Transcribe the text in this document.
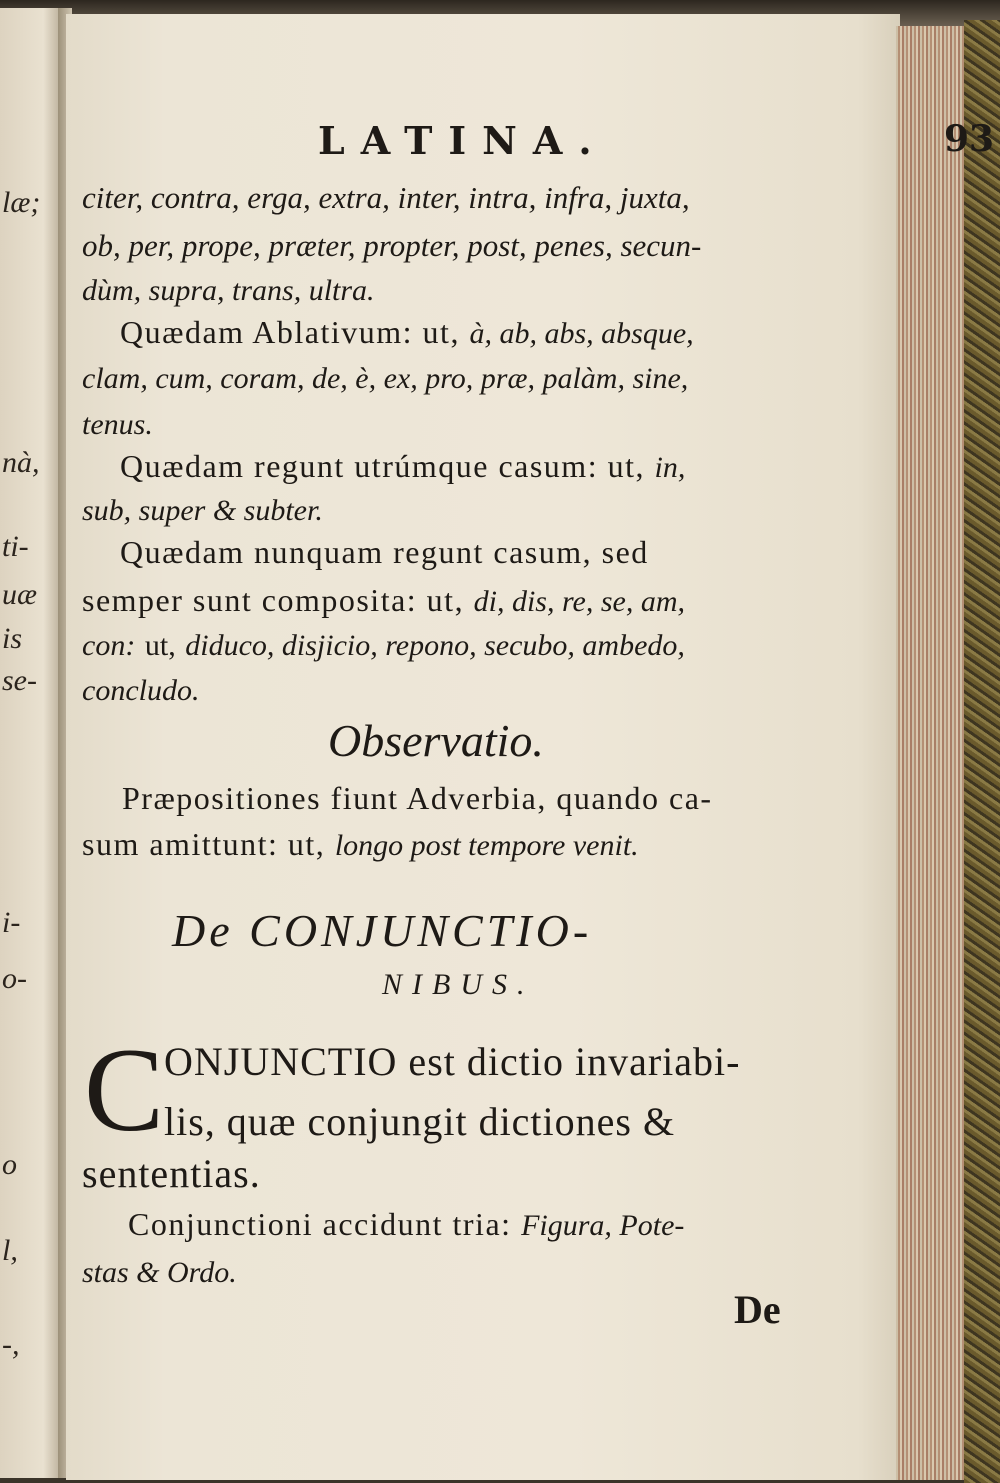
læ;
nà,
ti-
uæ
is
se-
i-
o-
o
l,
-,
LATINA.	93
citer, contra, erga, extra, inter, intra, infra, juxta,
ob, per, prope, præter, propter, post, penes, secun-
dùm, supra, trans, ultra.
Quædam Ablativum: ut, à, ab, abs, absque,
clam, cum, coram, de, è, ex, pro, præ, palàm, sine,
tenus.
Quædam regunt utrúmque casum: ut, in,
sub, super & subter.
Quædam nunquam regunt casum, sed
semper sunt composita: ut, di, dis, re, se, am,
con: ut, diduco, disjicio, repono, secubo, ambedo,
concludo.
Observatio.
Præpositiones fiunt Adverbia, quando ca-
sum amittunt: ut, longo post tempore venit.
De CONJUNCTIO-
NIBUS.
C ONJUNCTIO est dictio invariabi-
lis, quæ conjungit dictiones &
sententias.
Conjunctioni accidunt tria: Figura, Pote-
stas & Ordo.
De
